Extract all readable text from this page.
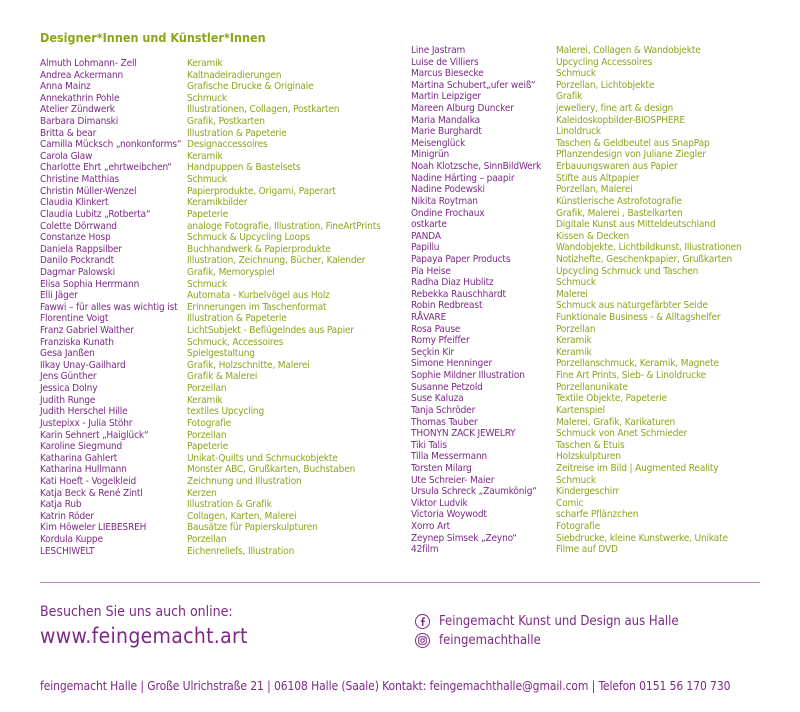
Designer*Innen und Künstler*Innen
Almuth Lohmann- Zell
Andrea Ackermann
Anna Mainz
Annekathrin Pohle
Atelier Zündwerk
Barbara Dimanski
Britta & bear
Camilla Mücksch „nonkonforms“
Carola Glaw
Charlotte Ehrt „ehrtweibchen“
Christine Matthias
Christin Müller-Wenzel
Claudia Klinkert
Claudia Lubitz „Rotberta“
Colette Dörrwand
Constanze Hosp
Daniela Rappsilber
Danilo Pockrandt
Dagmar Palowski
Elisa Sophia Herrmann
Elli Jäger
Fawwi – für alles was wichtig ist
Florentine Voigt
Franz Gabriel Walther
Franziska Kunath
Gesa Janßen
Ilkay Unay-Gailhard
Jens Günther
Jessica Dolny
Judith Runge
Judith Herschel Hille
Justepixx - Julia Stöhr
Karin Sehnert „Haiglück“
Karoline Siegmund
Katharina Gahlert
Katharina Hullmann
Kati Hoeft - Vogelkleid
Katja Beck & René Zintl
Katja Rub
Katrin Röder
Kim Höweler LIEBESREH
Kordula Kuppe
LESCHIWELT
Keramik
Kaltnadelradierungen
Grafische Drucke & Originale
Schmuck
Illustrationen, Collagen, Postkarten
Grafik, Postkarten
Illustration & Papeterie
Designaccessoires
Keramik
Handpuppen & Bastelsets
Schmuck
Papierprodukte, Origami, Paperart
Keramikbilder
Papeterie
analoge Fotografie, Illustration, FineArtPrints
Schmuck & Upcycling Loops
Buchhandwerk & Papierprodukte
Illustration, Zeichnung, Bücher, Kalender
Grafik, Memoryspiel
Schmuck
Automata - Kurbelvögel aus Holz
Erinnerungen im Taschenformat
Illustration & Papeterie
LichtSubjekt - Beflügelndes aus Papier
Schmuck, Accessoires
Spielgestaltung
Grafik, Holzschnitte, Malerei
Grafik & Malerei
Porzellan
Keramik
textiles Upcycling
Fotografie
Porzellan
Papeterie
Unikat-Quilts und Schmuckobjekte
Monster ABC, Grußkarten, Buchstaben
Zeichnung und Illustration
Kerzen
Illustration & Grafik
Collagen, Karten, Malerei
Bausätze für Papierskulpturen
Porzellan
Eichenreliefs, Illustration
Line Jastram
Luise de Villiers
Marcus Biesecke
Martina Schubert„ufer weiß“
Martin Leipziger
Mareen Alburg Duncker
Maria Mandalka
Marie Burghardt
Meisenglück
Minigrün
Noah Klotzsche, SinnBildWerk
Nadine Härting – paapir
Nadine Podewski
Nikita Roytman
Ondine Frochaux
ostkarte
PANDA
Papillu
Papaya Paper Products
Pia Heise
Radha Diaz Hublitz
Rebekka Rauschhardt
Robin Redbreast
RÅVARE
Rosa Pause
Romy Pfeiffer
Seçkin Kir
Simone Henninger
Sophie Mildner Illustration
Susanne Petzold
Suse Kaluza
Tanja Schröder
Thomas Tauber
THONYN ZACK JEWELRY
Tiki Talis
Tilla Messermann
Torsten Milarg
Ute Schreier- Maier
Ursula Schreck „Zaumkönig“
Viktor Ludvik
Victoria Woywodt
Xorro Art
Zeynep Simsek „Zeyno“
42film
Malerei, Collagen & Wandobjekte
Upcycling Accessoires
Schmuck
Porzellan, Lichtobjekte
Grafik
jewellery, fine art & design
Kaleidoskopbilder-BIOSPHERE
Linoldruck
Taschen & Geldbeutel aus SnapPap
Pflanzendesign von Juliane Ziegler
Erbauungswaren aus Papier
Stifte aus Altpapier
Porzellan, Malerei
Künstlerische Astrofotografie
Grafik, Malerei , Bastelkarten
Digitale Kunst aus Mitteldeutschland
Kissen & Decken
Wandobjekte, Lichtbildkunst, Illustrationen
Notizhefte, Geschenkpapier, Grußkarten
Upcycling Schmuck und Taschen
Schmuck
Malerei
Schmuck aus naturgefärbter Seide
Funktionale Business - & Alltagshelfer
Porzellan
Keramik
Keramik
Porzellanschmuck, Keramik, Magnete
Fine Art Prints, Sieb- & Linoldrucke
Porzellanunikate
Textile Objekte, Papeterie
Kartenspiel
Malerei, Grafik, Karikaturen
Schmuck von Anet Schmieder
Taschen & Etuis
Holzskulpturen
Zeitreise im Bild | Augmented Reality
Schmuck
Kindergeschirr
Comic
scharfe Pflänzchen
Fotografie
Siebdrucke, kleine Kunstwerke, Unikate
Filme auf DVD
Besuchen Sie uns auch online:
www.feingemacht.art
Feingemacht Kunst und Design aus Halle
feingemachthalle
feingemacht Halle | Große Ulrichstraße 21 | 06108 Halle (Saale) Kontakt: feingemachthalle@gmail.com | Telefon 0151 56 170 730
